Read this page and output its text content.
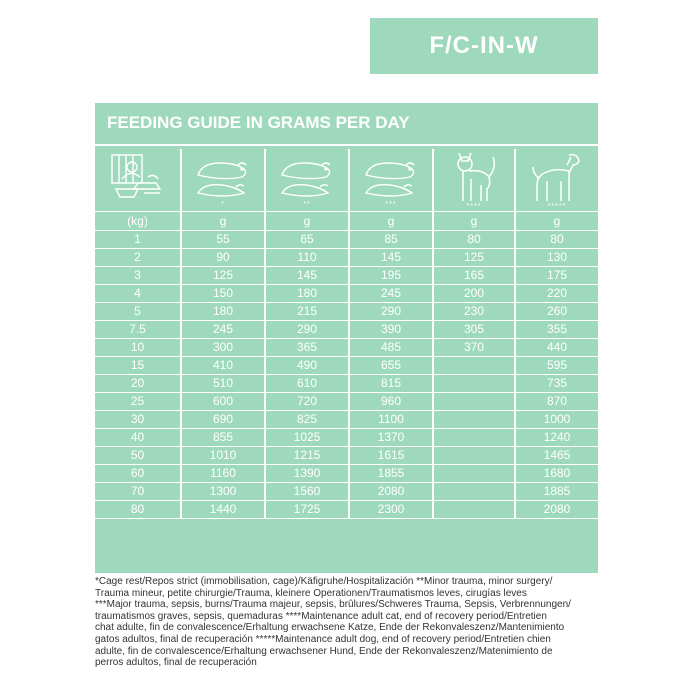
F/C-IN-W
FEEDING GUIDE IN GRAMS PER DAY

*	**	***	****	*****

(kg)	g	g	g	g	g
1	55	65	85	80	80
2	90	110	145	125	130
3	125	145	195	165	175
4	150	180	245	200	220
5	180	215	290	230	260
7.5	245	290	390	305	355
10	300	365	485	370	440
15	410	490	655		595
20	510	610	815		735
25	600	720	960		870
30	690	825	1100		1000
40	855	1025	1370		1240
50	1010	1215	1615		1465
60	1160	1390	1855		1680
70	1300	1560	2080		1885
80	1440	1725	2300		2080
*Cage rest/Repos strict (immobilisation, cage)/Käfigruhe/Hospitalización **Minor trauma, minor surgery/
Trauma mineur, petite chirurgie/Trauma, kleinere Operationen/Traumatismos leves, cirugías leves
***Major trauma, sepsis, burns/Trauma majeur, sepsis, brûlures/Schweres Trauma, Sepsis, Verbrennungen/
traumatismos graves, sepsis, quemaduras ****Maintenance adult cat, end of recovery period/Entretien
chat adulte, fin de convalescence/Erhaltung erwachsene Katze, Ende der Rekonvaleszenz/Mantenimiento
gatos adultos, final de recuperación *****Maintenance adult dog, end of recovery period/Entretien chien
adulte, fin de convalescence/Erhaltung erwachsener Hund, Ende der Rekonvaleszenz/Matenimiento de
perros adultos, final de recuperación
